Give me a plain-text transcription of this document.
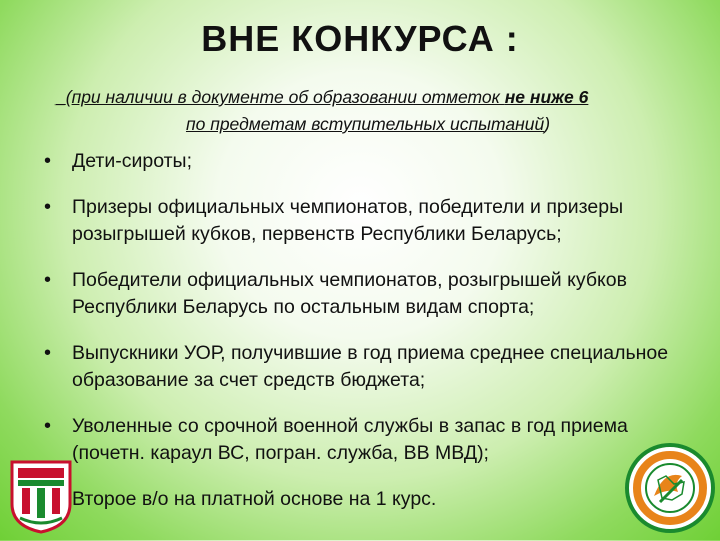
ВНЕ КОНКУРСА :
_(при наличии в документе об образовании отметок не ниже 6
по предметам вступительных испытаний)
• Дети-сироты;
• Призеры официальных чемпионатов, победители и призеры розыгрышей кубков, первенств Республики Беларусь;
• Победители официальных чемпионатов, розыгрышей кубков Республики Беларусь по остальным видам спорта;
• Выпускники УОР, получившие в год приема среднее специальное образование за счет средств бюджета;
• Уволенные со срочной военной службы в запас в год приема (почетн. караул ВС, погран. служба, ВВ МВД);
Второе в/о на платной основе на 1 курс.
